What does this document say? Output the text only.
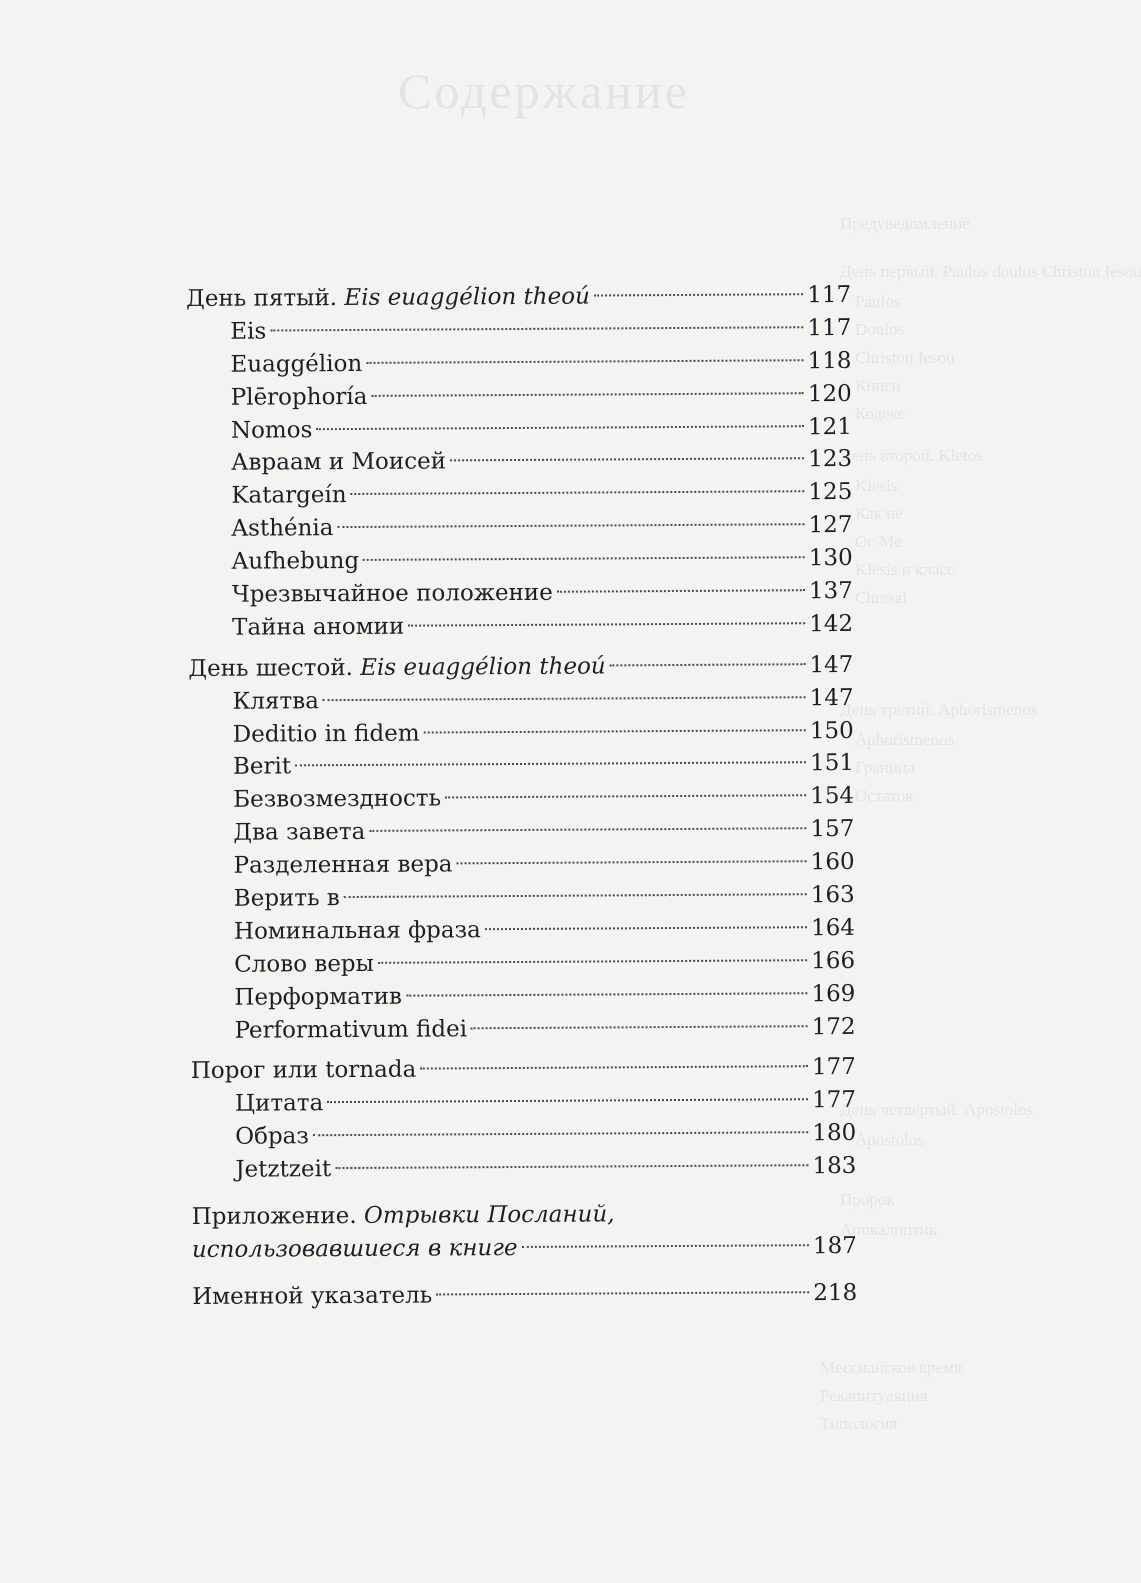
Содержание
Предуведомление
День первый. Paulos doulos Christou Iesou
Paulos
Doulos
Christou Iesou
Книги
Кодекс
День второй. Kletos
Klesis
Как не
Ос Ме
Klesis и класс
Chresai
День третий. Aphorismenos
Aphorismenos
Граница
Остаток
День четвертый. Apostolos
Apostolos
Пророк
Апокалиптик
Мессианское время
Рекапитуляция
Типология
День пятый. Eis euaggélion theoú	117
Eis	117
Euaggélion	118
Plērophoría	120
Nomos	121
Авраам и Моисей	123
Katargeín	125
Asthénia	127
Aufhebung	130
Чрезвычайное положение	137
Тайна аномии	142
День шестой. Eis euaggélion theoú	147
Клятва	147
Deditio in fidem	150
Berit	151
Безвозмездность	154
Два завета	157
Разделенная вера	160
Верить в	163
Номинальная фраза	164
Слово веры	166
Перформатив	169
Performativum fidei	172
Порог или tornada	177
Цитата	177
Образ	180
Jetztzeit	183
Приложение. Отрывки Посланий,
использовавшиеся в книге	187
Именной указатель	218
